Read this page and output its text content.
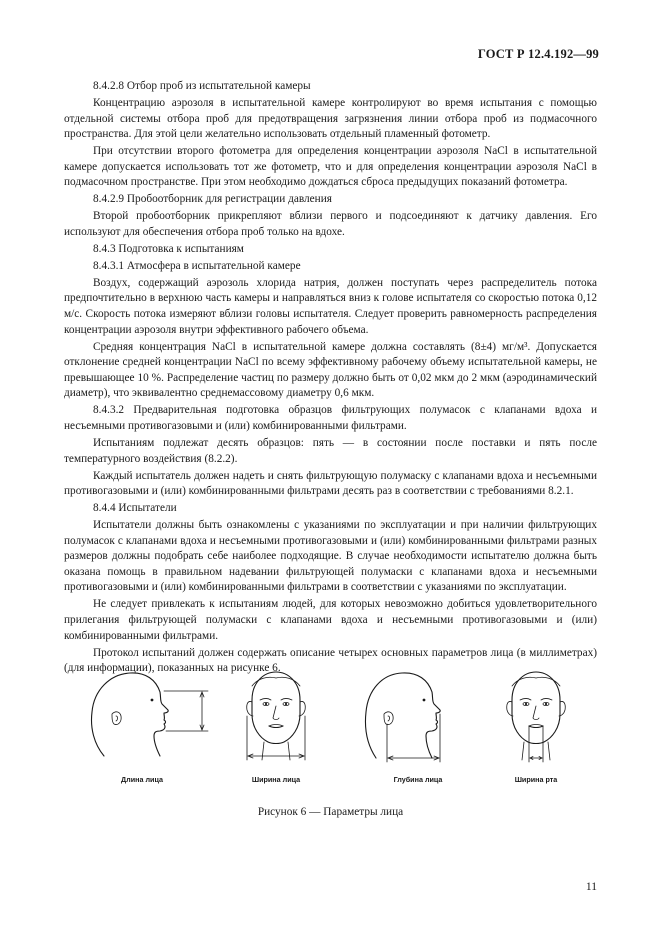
ГОСТ Р 12.4.192—99

8.4.2.8 Отбор проб из испытательной камеры

Концентрацию аэрозоля в испытательной камере контролируют во время испытания с помощью отдельной системы отбора проб для предотвращения загрязнения линии отбора проб из подмасочного пространства. Для этой цели желательно использовать отдельный пламенный фотометр.

При отсутствии второго фотометра для определения концентрации аэрозоля NaCl в испытательной камере допускается использовать тот же фотометр, что и для определения концентрации аэрозоля NaCl в подмасочном пространстве. При этом необходимо дождаться сброса предыдущих показаний фотометра.

8.4.2.9 Пробоотборник для регистрации давления

Второй пробоотборник прикрепляют вблизи первого и подсоединяют к датчику давления. Его используют для обеспечения отбора проб только на вдохе.

8.4.3 Подготовка к испытаниям

8.4.3.1 Атмосфера в испытательной камере

Воздух, содержащий аэрозоль хлорида натрия, должен поступать через распределитель потока предпочтительно в верхнюю часть камеры и направляться вниз к голове испытателя со скоростью потока 0,12 м/с. Скорость потока измеряют вблизи головы испытателя. Следует проверить равномерность распределения концентрации аэрозоля внутри эффективного рабочего объема.

Средняя концентрация NaCl в испытательной камере должна составлять (8±4) мг/м³. Допускается отклонение средней концентрации NaCl по всему эффективному рабочему объему испытательной камеры, не превышающее 10 %. Распределение частиц по размеру должно быть от 0,02 мкм до 2 мкм (аэродинамический диаметр), что эквивалентно среднемассовому диаметру 0,6 мкм.

8.4.3.2 Предварительная подготовка образцов фильтрующих полумасок с клапанами вдоха и несъемными противогазовыми и (или) комбинированными фильтрами.

Испытаниям подлежат десять образцов: пять — в состоянии после поставки и пять после температурного воздействия (8.2.2).

Каждый испытатель должен надеть и снять фильтрующую полумаску с клапанами вдоха и несъемными противогазовыми и (или) комбинированными фильтрами десять раз в соответствии с требованиями 8.2.1.

8.4.4 Испытатели

Испытатели должны быть ознакомлены с указаниями по эксплуатации и при наличии фильтрующих полумасок с клапанами вдоха и несъемными противогазовыми и (или) комбинированными фильтрами разных размеров должны подобрать себе наиболее подходящие. В случае необходимости испытателю должна быть оказана помощь в правильном надевании фильтрующей полумаски с клапанами вдоха и несъемными противогазовыми и (или) комбинированными фильтрами в соответствии с указаниями по эксплуатации.

Не следует привлекать к испытаниям людей, для которых невозможно добиться удовлетворительного прилегания фильтрующей полумаски с клапанами вдоха и несъемными противогазовыми и (или) комбинированными фильтрами.

Протокол испытаний должен содержать описание четырех основных параметров лица (в миллиметрах) (для информации), показанных на рисунке 6.

Длина лица	Ширина лица	Глубина лица	Ширина рта
Рисунок 6 — Параметры лица
11
